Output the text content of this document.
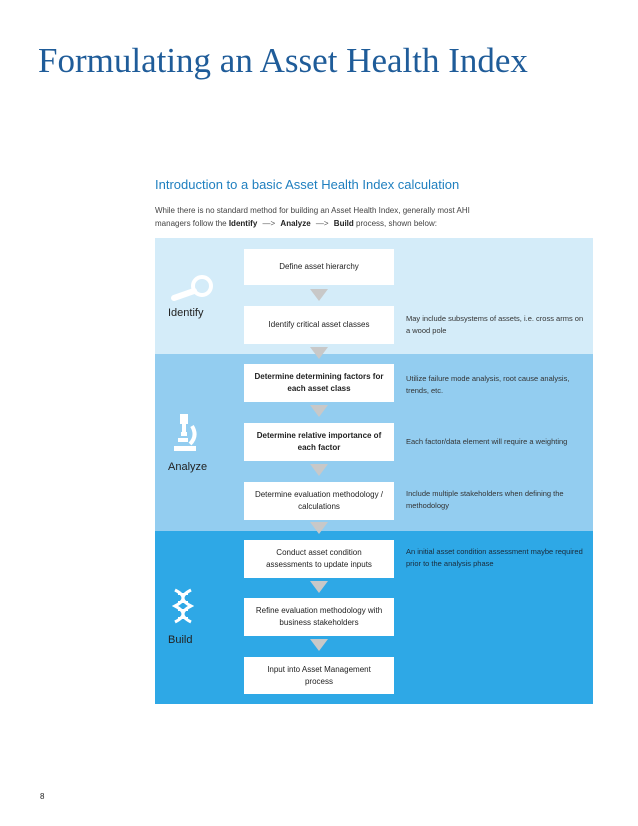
Formulating an Asset Health Index
Introduction to a basic Asset Health Index calculation
While there is no standard method for building an Asset Health Index, generally most AHI managers follow the Identify —> Analyze —> Build process, shown below:
Identify
Analyze
Build
Define asset hierarchy
Identify critical asset classes
Determine determining factors for each asset class
Determine relative importance of each factor
Determine evaluation methodology / calculations
Conduct asset condition assessments to update inputs
Refine evaluation methodology with business stakeholders
Input into Asset Management process
May include subsystems of assets, i.e. cross arms on a wood pole
Utilize failure mode analysis, root cause analysis, trends, etc.
Each factor/data element will require a weighting
Include multiple stakeholders when defining the methodology
An initial asset condition assessment maybe required prior to the analysis phase
8
